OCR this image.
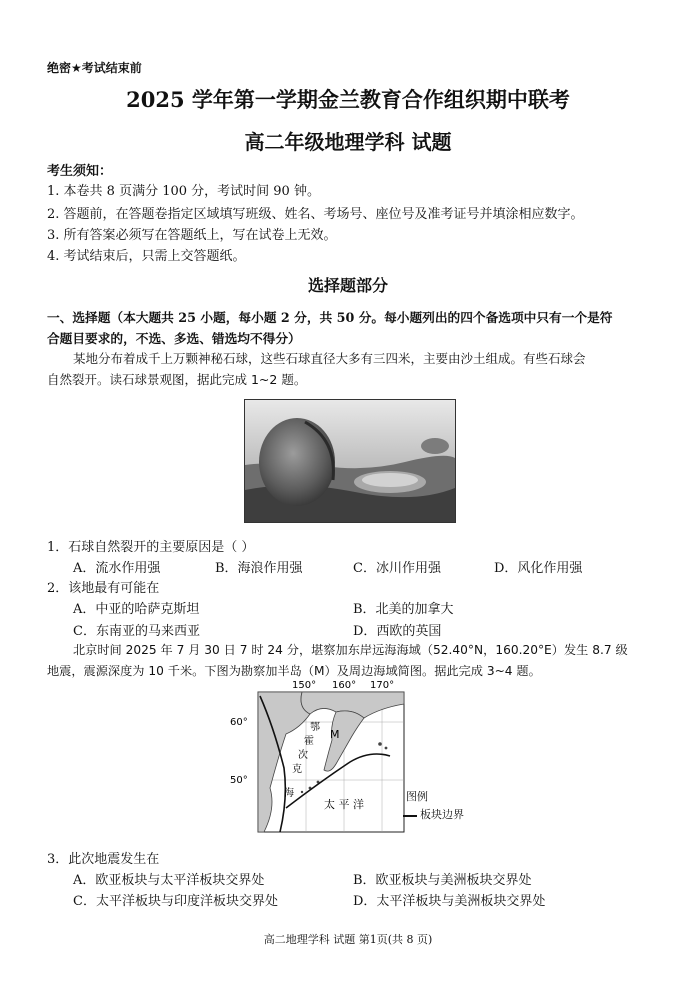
绝密★考试结束前
2025 学年第一学期金兰教育合作组织期中联考
高二年级地理学科 试题
考生须知：
1. 本卷共 8 页满分 100 分，考试时间 90 钟。
2. 答题前，在答题卷指定区域填写班级、姓名、考场号、座位号及准考证号并填涂相应数字。
3. 所有答案必须写在答题纸上，写在试卷上无效。
4. 考试结束后，只需上交答题纸。
选择题部分
一、选择题（本大题共 25 小题，每小题 2 分，共 50 分。每小题列出的四个备选项中只有一个是符
合题目要求的，不选、多选、错选均不得分）
某地分布着成千上万颗神秘石球，这些石球直径大多有三四米，主要由沙土组成。有些石球会
自然裂开。读石球景观图，据此完成 1~2 题。
1．石球自然裂开的主要原因是（ ）
A．流水作用强	B．海浪作用强	C．冰川作用强	D．风化作用强
2．该地最有可能在
A．中亚的哈萨克斯坦	B．北美的加拿大
C．东南亚的马来西亚	D．西欧的英国
北京时间 2025 年 7 月 30 日 7 时 24 分，堪察加东岸远海海域（52.40°N，160.20°E）发生 8.7 级
地震，震源深度为 10 千米。下图为勘察加半岛（M）及周边海域简图。据此完成 3~4 题。
150° 160° 170°
60°
50°
鄂
霍
次
克
海
M
太 平 洋
图例
板块边界
3．此次地震发生在
A．欧亚板块与太平洋板块交界处	B．欧亚板块与美洲板块交界处
C．太平洋板块与印度洋板块交界处	D．太平洋板块与美洲板块交界处
高二地理学科 试题 第1页(共 8 页)
